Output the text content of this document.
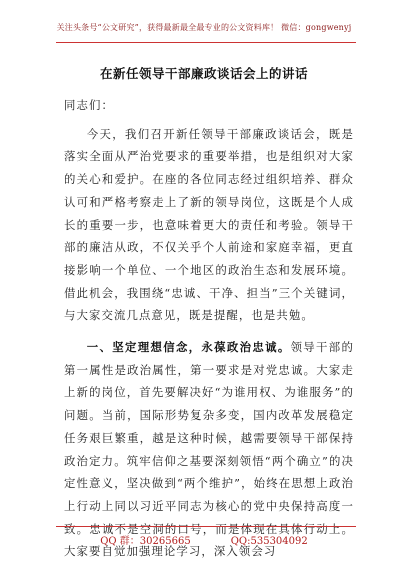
关注头条号“公文研究”，获得最新最全最专业的公文资料库！ 微信：gongwenyj
在新任领导干部廉政谈话会上的讲话

同志们：

今天，我们召开新任领导干部廉政谈话会，既是落实全面从严治党要求的重要举措，也是组织对大家的关心和爱护。在座的各位同志经过组织培养、群众认可和严格考察走上了新的领导岗位，这既是个人成长的重要一步，也意味着更大的责任和考验。领导干部的廉洁从政，不仅关乎个人前途和家庭幸福，更直接影响一个单位、一个地区的政治生态和发展环境。借此机会，我围绕“忠诚、干净、担当”三个关键词，与大家交流几点意见，既是提醒，也是共勉。

一、坚定理想信念，永葆政治忠诚。领导干部的第一属性是政治属性，第一要求是对党忠诚。大家走上新的岗位，首先要解决好“为谁用权、为谁服务”的问题。当前，国际形势复杂多变，国内改革发展稳定任务艰巨繁重，越是这种时候，越需要领导干部保持政治定力。筑牢信仰之基要深刻领悟“两个确立”的决定性意义，坚决做到“两个维护”，始终在思想上政治上行动上同以习近平同志为核心的党中央保持高度一致。忠诚不是空洞的口号，而是体现在具体行动上。大家要自觉加强理论学习，深入领会习

QQ 群：30265665	QQ:535304092
